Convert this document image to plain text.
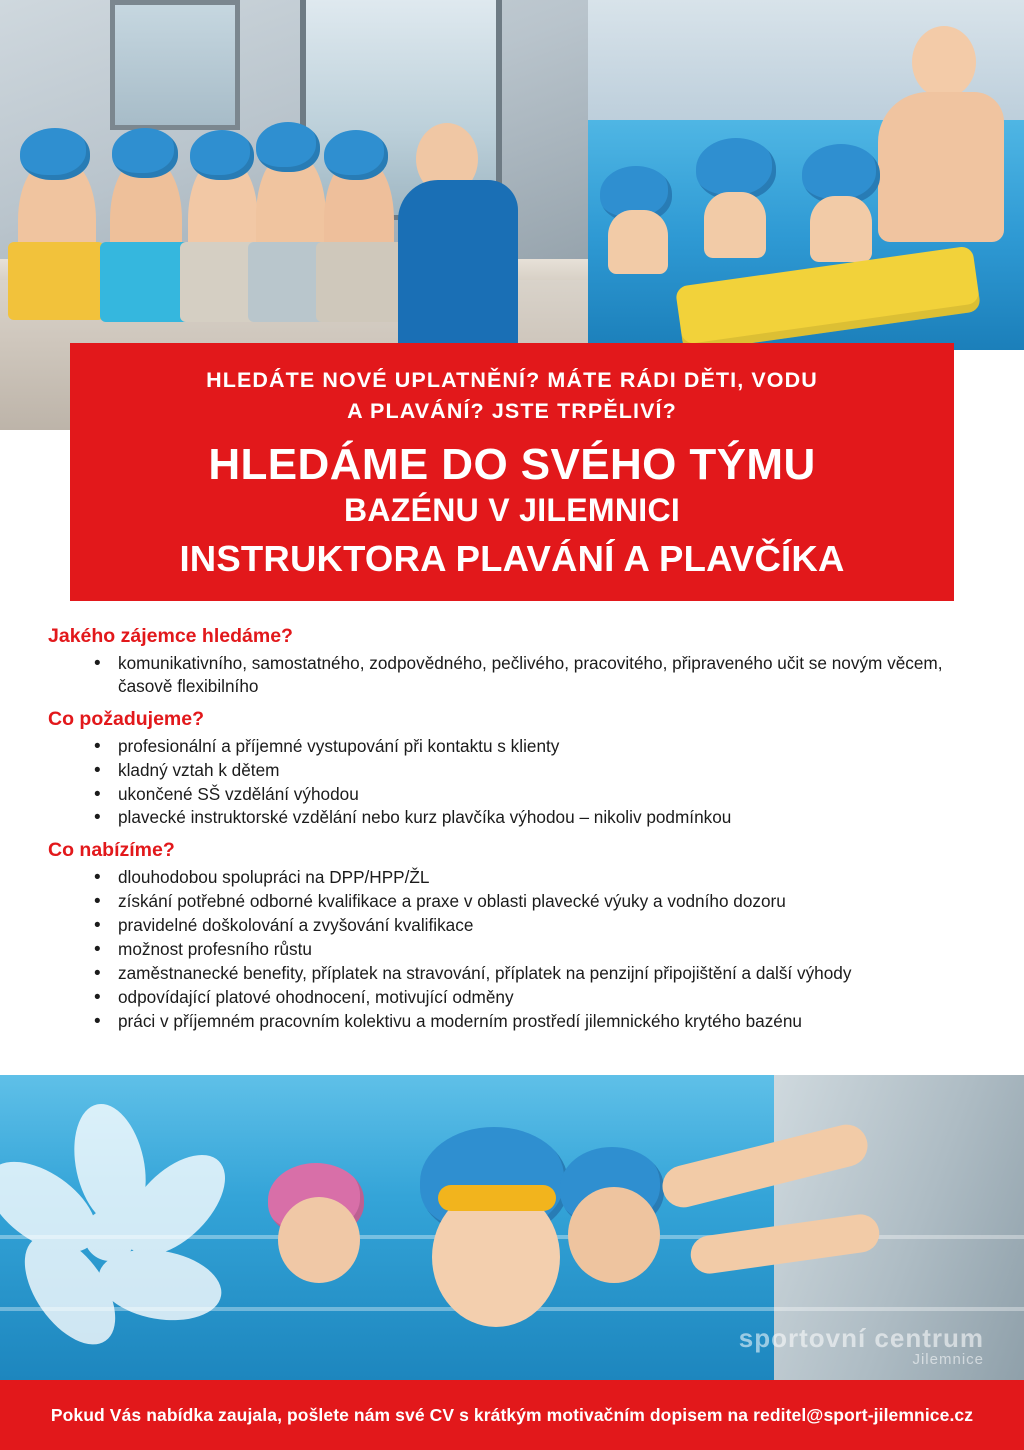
HLEDÁTE NOVÉ UPLATNĚNÍ? MÁTE RÁDI DĚTI, VODU
A PLAVÁNÍ? JSTE TRPĚLIVÍ?
HLEDÁME DO SVÉHO TÝMU
BAZÉNU V JILEMNICI
INSTRUKTORA PLAVÁNÍ A PLAVČÍKA
Jakého zájemce hledáme?
• komunikativního, samostatného, zodpovědného, pečlivého, pracovitého, připraveného učit se novým věcem, časově flexibilního
Co požadujeme?
• profesionální a příjemné vystupování při kontaktu s klienty
• kladný vztah k dětem
• ukončené SŠ vzdělání výhodou
• plavecké instruktorské vzdělání nebo kurz plavčíka výhodou – nikoliv podmínkou
Co nabízíme?
• dlouhodobou spolupráci na DPP/HPP/ŽL
• získání potřebné odborné kvalifikace a praxe v oblasti plavecké výuky a vodního dozoru
• pravidelné doškolování a zvyšování kvalifikace
• možnost profesního růstu
• zaměstnanecké benefity, příplatek na stravování, příplatek na penzijní připojištění a další výhody
• odpovídající platové ohodnocení, motivující odměny
• práci v příjemném pracovním kolektivu a moderním prostředí jilemnického krytého bazénu
sportovní centrum
Jilemnice
Pokud Vás nabídka zaujala, pošlete nám své CV s krátkým motivačním dopisem na reditel@sport-jilemnice.cz
